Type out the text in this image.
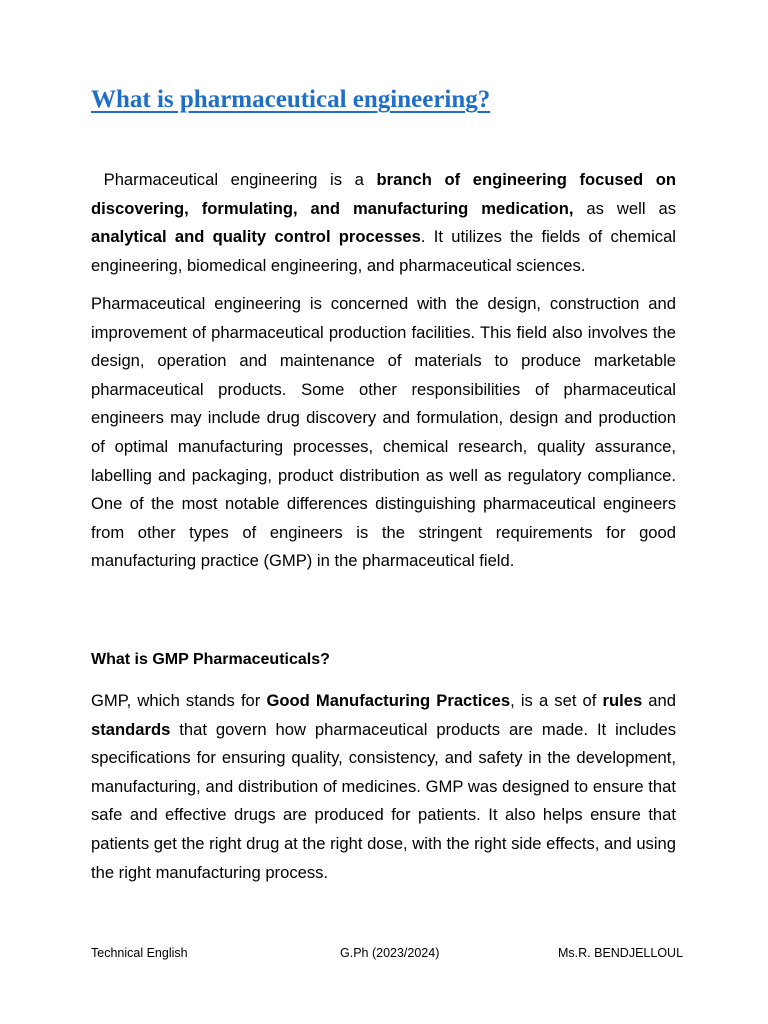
What is pharmaceutical engineering?

Pharmaceutical engineering is a branch of engineering focused on discovering, formulating, and manufacturing medication, as well as analytical and quality control processes. It utilizes the fields of chemical engineering, biomedical engineering, and pharmaceutical sciences.

Pharmaceutical engineering is concerned with the design, construction and improvement of pharmaceutical production facilities. This field also involves the design, operation and maintenance of materials to produce marketable pharmaceutical products. Some other responsibilities of pharmaceutical engineers may include drug discovery and formulation, design and production of optimal manufacturing processes, chemical research, quality assurance, labelling and packaging, product distribution as well as regulatory compliance. One of the most notable differences distinguishing pharmaceutical engineers from other types of engineers is the stringent requirements for good manufacturing practice (GMP) in the pharmaceutical field.

What is GMP Pharmaceuticals?

GMP, which stands for Good Manufacturing Practices, is a set of rules and standards that govern how pharmaceutical products are made. It includes specifications for ensuring quality, consistency, and safety in the development, manufacturing, and distribution of medicines. GMP was designed to ensure that safe and effective drugs are produced for patients. It also helps ensure that patients get the right drug at the right dose, with the right side effects, and using the right manufacturing process.

Technical English	G.Ph (2023/2024)	Ms.R. BENDJELLOUL
